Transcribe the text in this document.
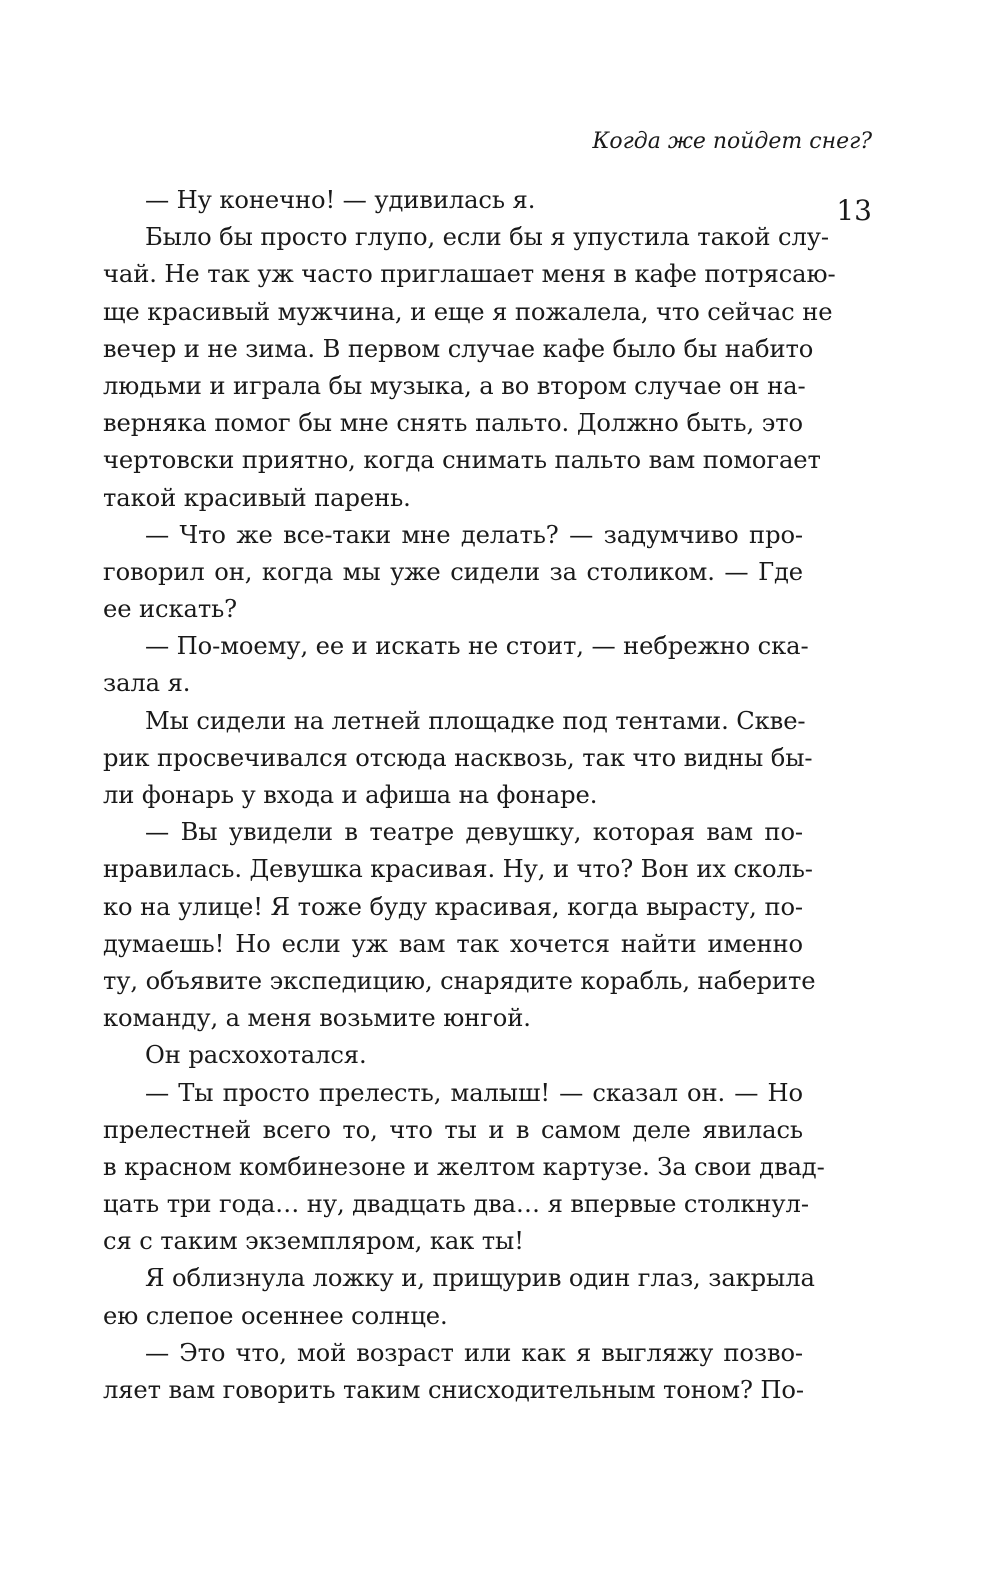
Когда же пойдет снег?
13
— Ну конечно! — удивилась я.
Было бы просто глупо, если бы я упустила такой слу-
чай. Не так уж часто приглашает меня в кафе потрясаю-
ще красивый мужчина, и еще я пожалела, что сейчас не
вечер и не зима. В первом случае кафе было бы набито
людьми и играла бы музыка, а во втором случае он на-
верняка помог бы мне снять пальто. Должно быть, это
чертовски приятно, когда снимать пальто вам помогает
такой красивый парень.
— Что же все-таки мне делать? — задумчиво про-
говорил он, когда мы уже сидели за столиком. — Где
ее искать?
— По-моему, ее и искать не стоит, — небрежно ска-
зала я.
Мы сидели на летней площадке под тентами. Скве-
рик просвечивался отсюда насквозь, так что видны бы-
ли фонарь у входа и афиша на фонаре.
— Вы увидели в театре девушку, которая вам по-
нравилась. Девушка красивая. Ну, и что? Вон их сколь-
ко на улице! Я тоже буду красивая, когда вырасту, по-
думаешь! Но если уж вам так хочется найти именно
ту, объявите экспедицию, снарядите корабль, наберите
команду, а меня возьмите юнгой.
Он расхохотался.
— Ты просто прелесть, малыш! — сказал он. — Но
прелестней всего то, что ты и в самом деле явилась
в красном комбинезоне и желтом картузе. За свои двад-
цать три года… ну, двадцать два… я впервые столкнул-
ся с таким экземпляром, как ты!
Я облизнула ложку и, прищурив один глаз, закрыла
ею слепое осеннее солнце.
— Это что, мой возраст или как я выгляжу позво-
ляет вам говорить таким снисходительным тоном? По-
